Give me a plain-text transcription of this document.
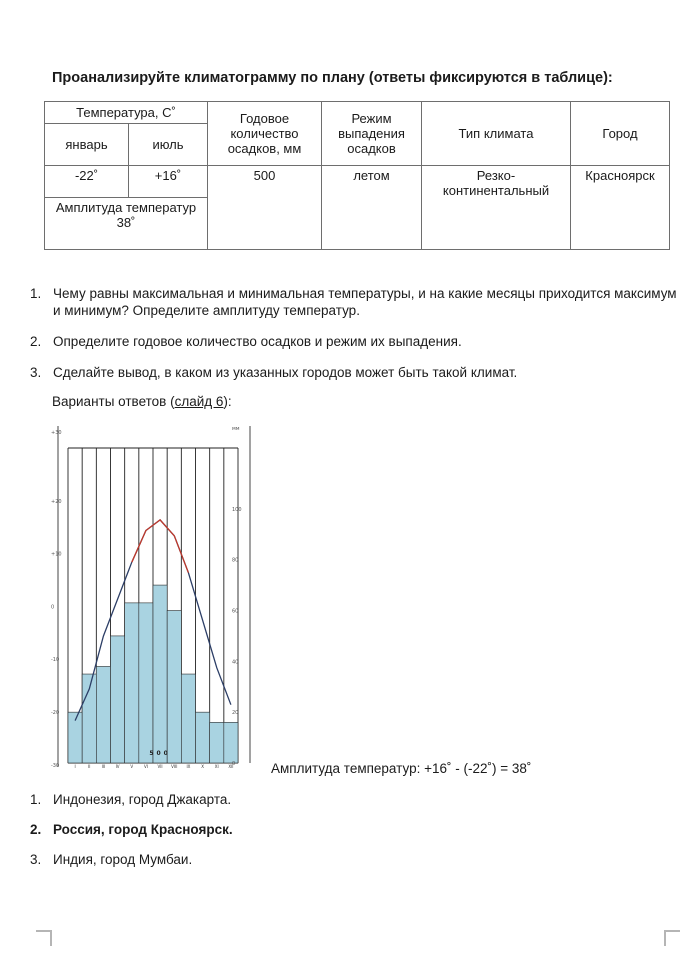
Проанализируйте климатограмму по плану (ответы фиксируются в таблице):
Температура, С˚		Годовое количество осадков, мм	Режим выпадения осадков	Тип климата	Город
январь	июль				
-22˚	+16˚	500	летом	Резко-континентальный	Красноярск
Амплитуда температур 38˚					
1. Чему равны максимальная и минимальная температуры, и на какие месяцы приходится максимум и минимум? Определите амплитуду температур.
2. Определите годовое количество осадков и режим их выпадения.
3. Сделайте вывод, в каком из указанных городов может быть такой климат.
Варианты ответов (слайд 6):
+30
+20
+10
0
-10
-20
-30
100
80
60
40
20
0
мм
I	II	III	IV	V	VI VII VIII IX	X	XI XII
500
Амплитуда температур: +16˚ - (-22˚) = 38˚
1. Индонезия, город Джакарта.
2. Россия, город Красноярск.
3. Индия, город Мумбаи.
